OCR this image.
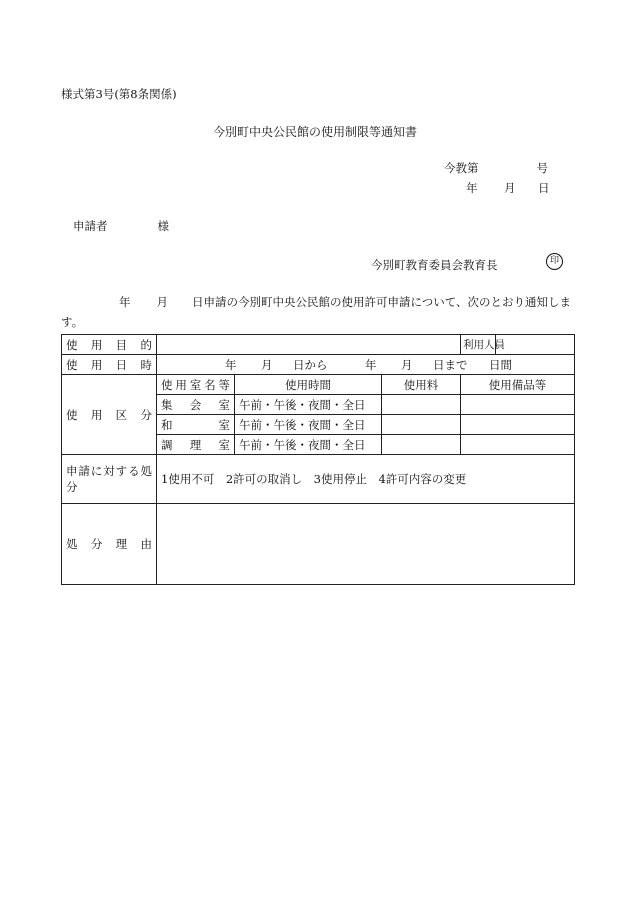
様式第3号(第8条関係)
今別町中央公民館の使用制限等通知書
今教第	号
年 月 日
申請者	様
今別町教育委員会教育長	印
年 月 日申請の今別町中央公民館の使用許可申請について、次のとおり通知します。
使用目的				利用人員	
使用日時	年 月 日から 年 月 日まで 日間				
使用区分	使用室名等	使用時間	使用料	使用備品等	
	集会室	午前・午後・夜間・全日			
	和室	午前・午後・夜間・全日			
	調理室	午前・午後・夜間・全日			
申請に対する処分	1使用不可　2許可の取消し　3使用停止　4許可内容の変更				
処分理由					
